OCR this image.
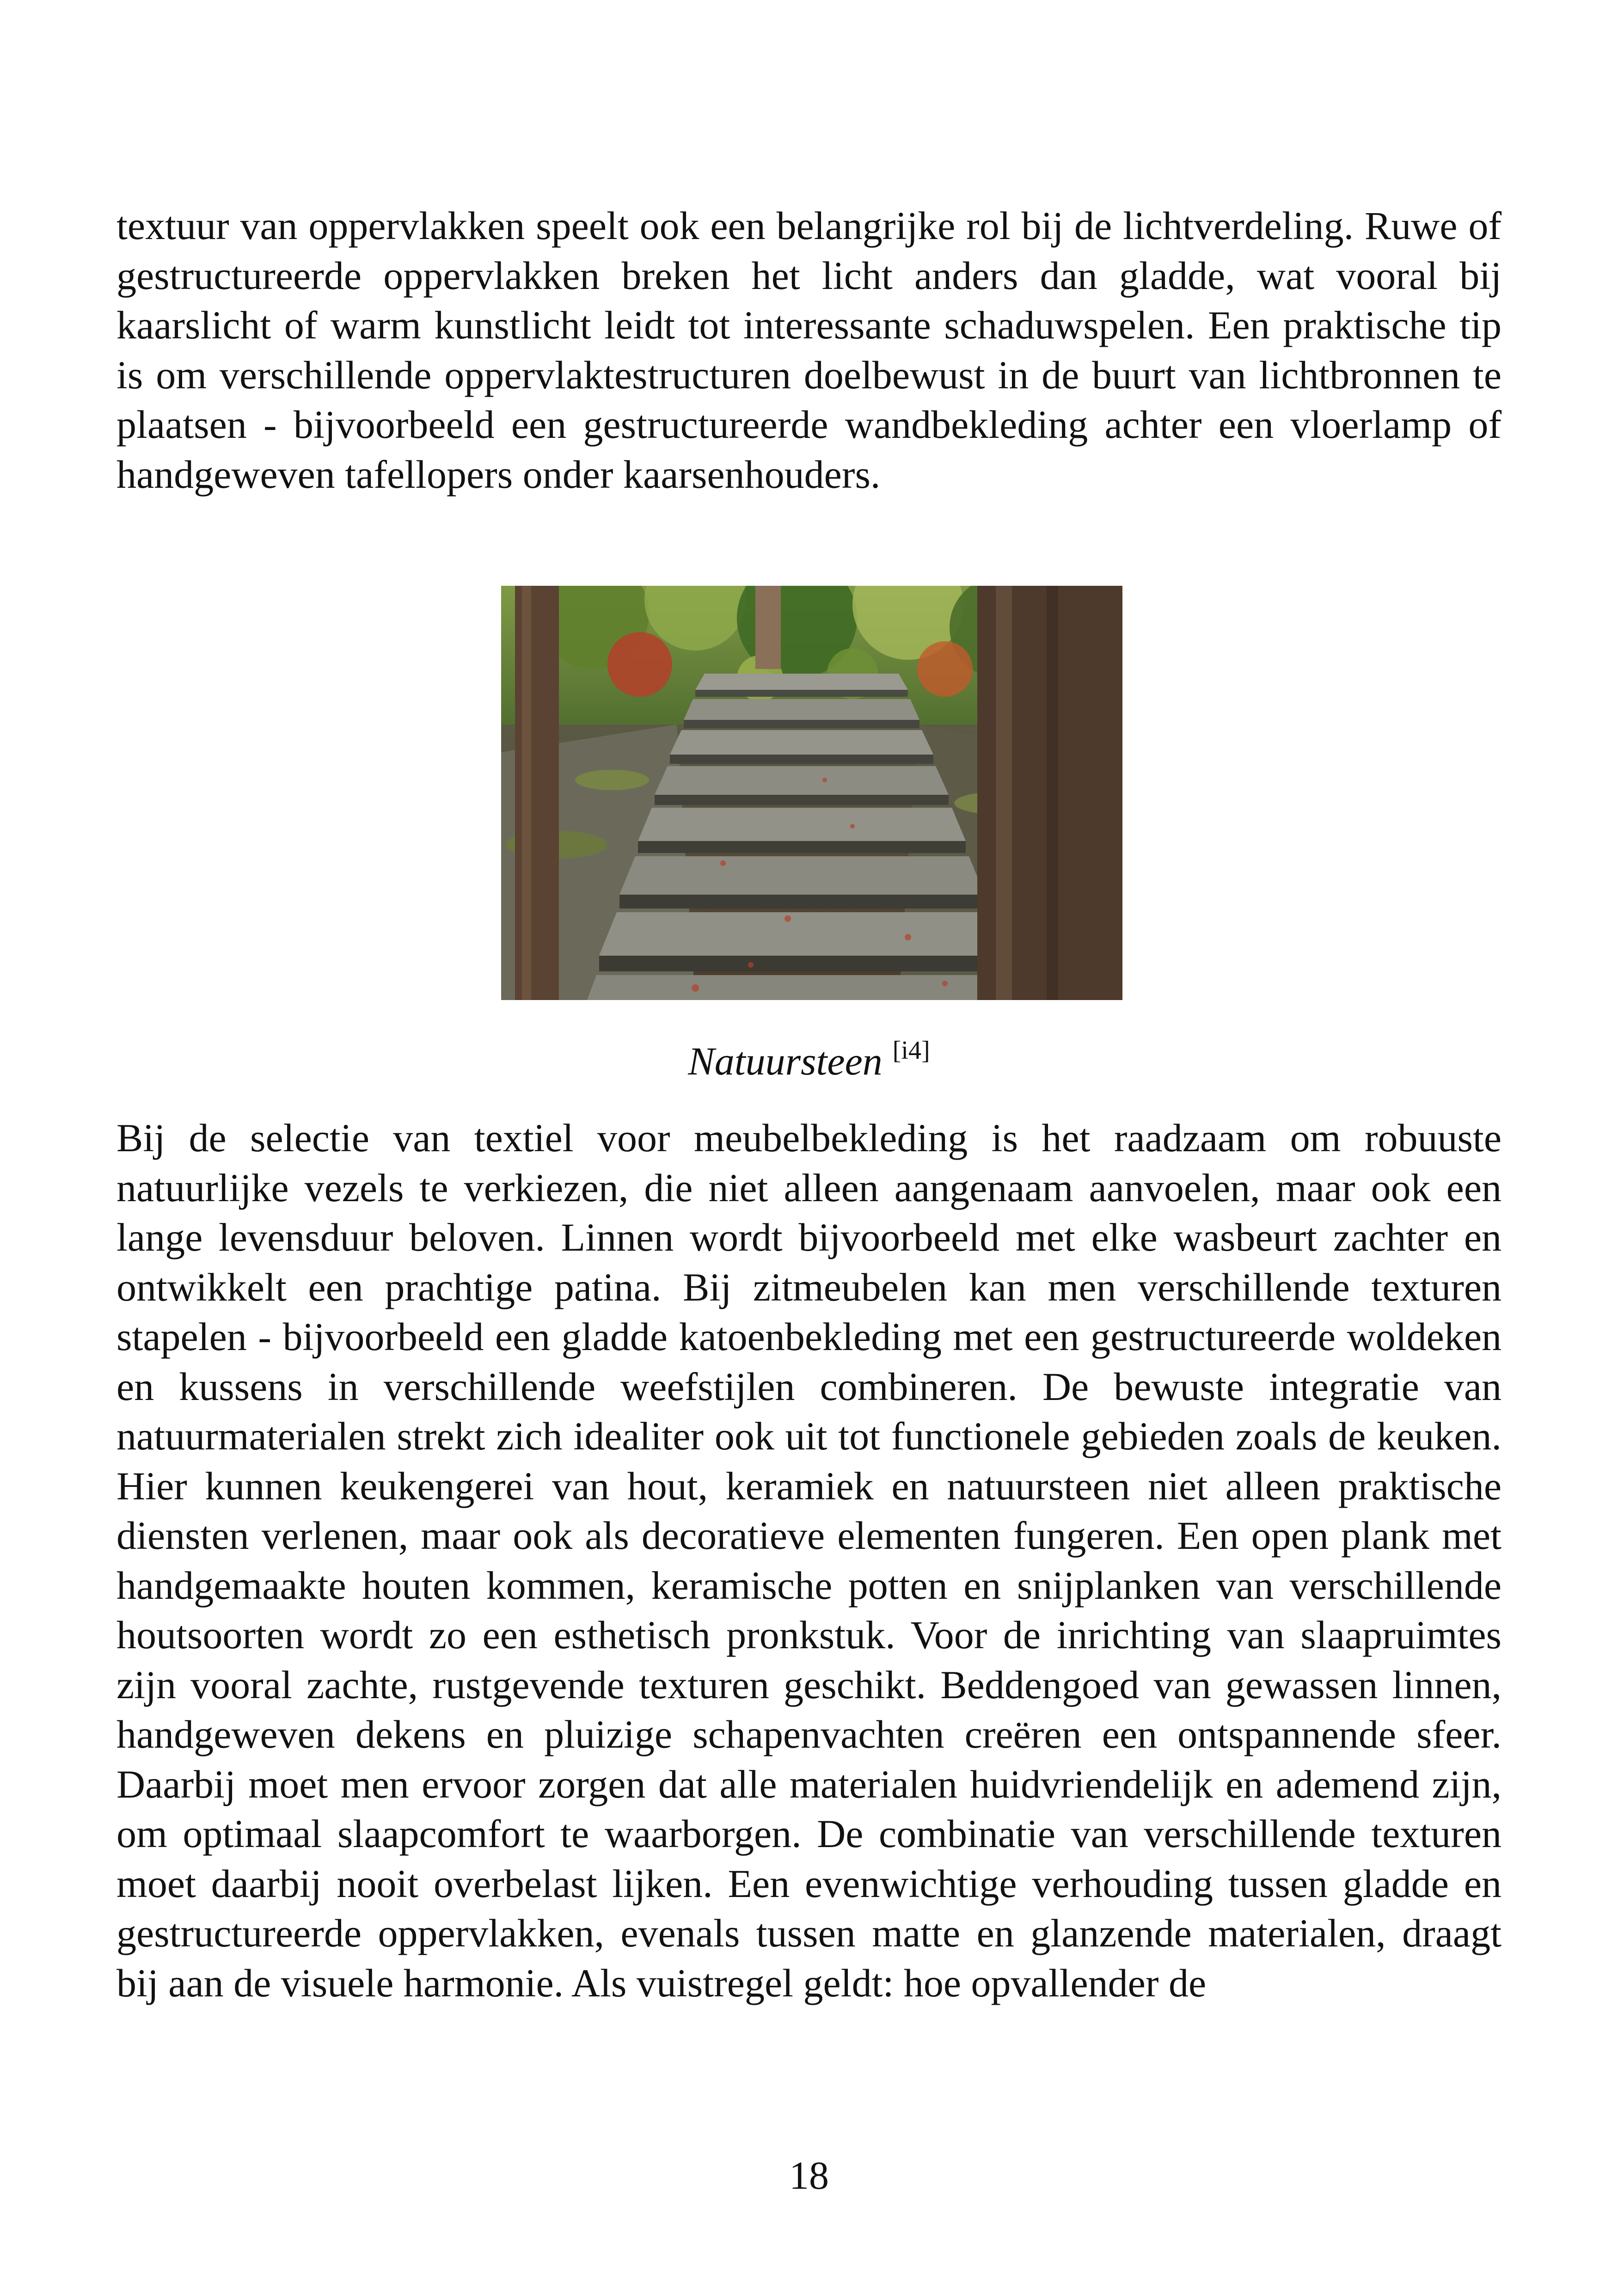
textuur van oppervlakken speelt ook een belangrijke rol bij de lichtverdeling. Ruwe of gestructureerde oppervlakken breken het licht anders dan gladde, wat vooral bij kaarslicht of warm kunstlicht leidt tot interessante schaduwspelen. Een praktische tip is om verschillende oppervlaktestructuren doelbewust in de buurt van lichtbronnen te plaatsen - bijvoorbeeld een gestructureerde wandbekleding achter een vloerlamp of handgeweven tafellopers onder kaarsenhouders.

Natuursteen [i4]

Bij de selectie van textiel voor meubelbekleding is het raadzaam om robuuste natuurlijke vezels te verkiezen, die niet alleen aangenaam aanvoelen, maar ook een lange levensduur beloven. Linnen wordt bijvoorbeeld met elke wasbeurt zachter en ontwikkelt een prachtige patina. Bij zitmeubelen kan men verschillende texturen stapelen - bijvoorbeeld een gladde katoenbekleding met een gestructureerde woldeken en kussens in verschillende weefstijlen combineren. De bewuste integratie van natuurmaterialen strekt zich idealiter ook uit tot functionele gebieden zoals de keuken. Hier kunnen keukengerei van hout, keramiek en natuursteen niet alleen praktische diensten verlenen, maar ook als decoratieve elementen fungeren. Een open plank met handgemaakte houten kommen, keramische potten en snijplanken van verschillende houtsoorten wordt zo een esthetisch pronkstuk. Voor de inrichting van slaapruimtes zijn vooral zachte, rustgevende texturen geschikt. Beddengoed van gewassen linnen, handgeweven dekens en pluizige schapenvachten creëren een ontspannende sfeer. Daarbij moet men ervoor zorgen dat alle materialen huidvriendelijk en ademend zijn, om optimaal slaapcomfort te waarborgen. De combinatie van verschillende texturen moet daarbij nooit overbelast lijken. Een evenwichtige verhouding tussen gladde en gestructureerde oppervlakken, evenals tussen matte en glanzende materialen, draagt bij aan de visuele harmonie. Als vuistregel geldt: hoe opvallender de

18
